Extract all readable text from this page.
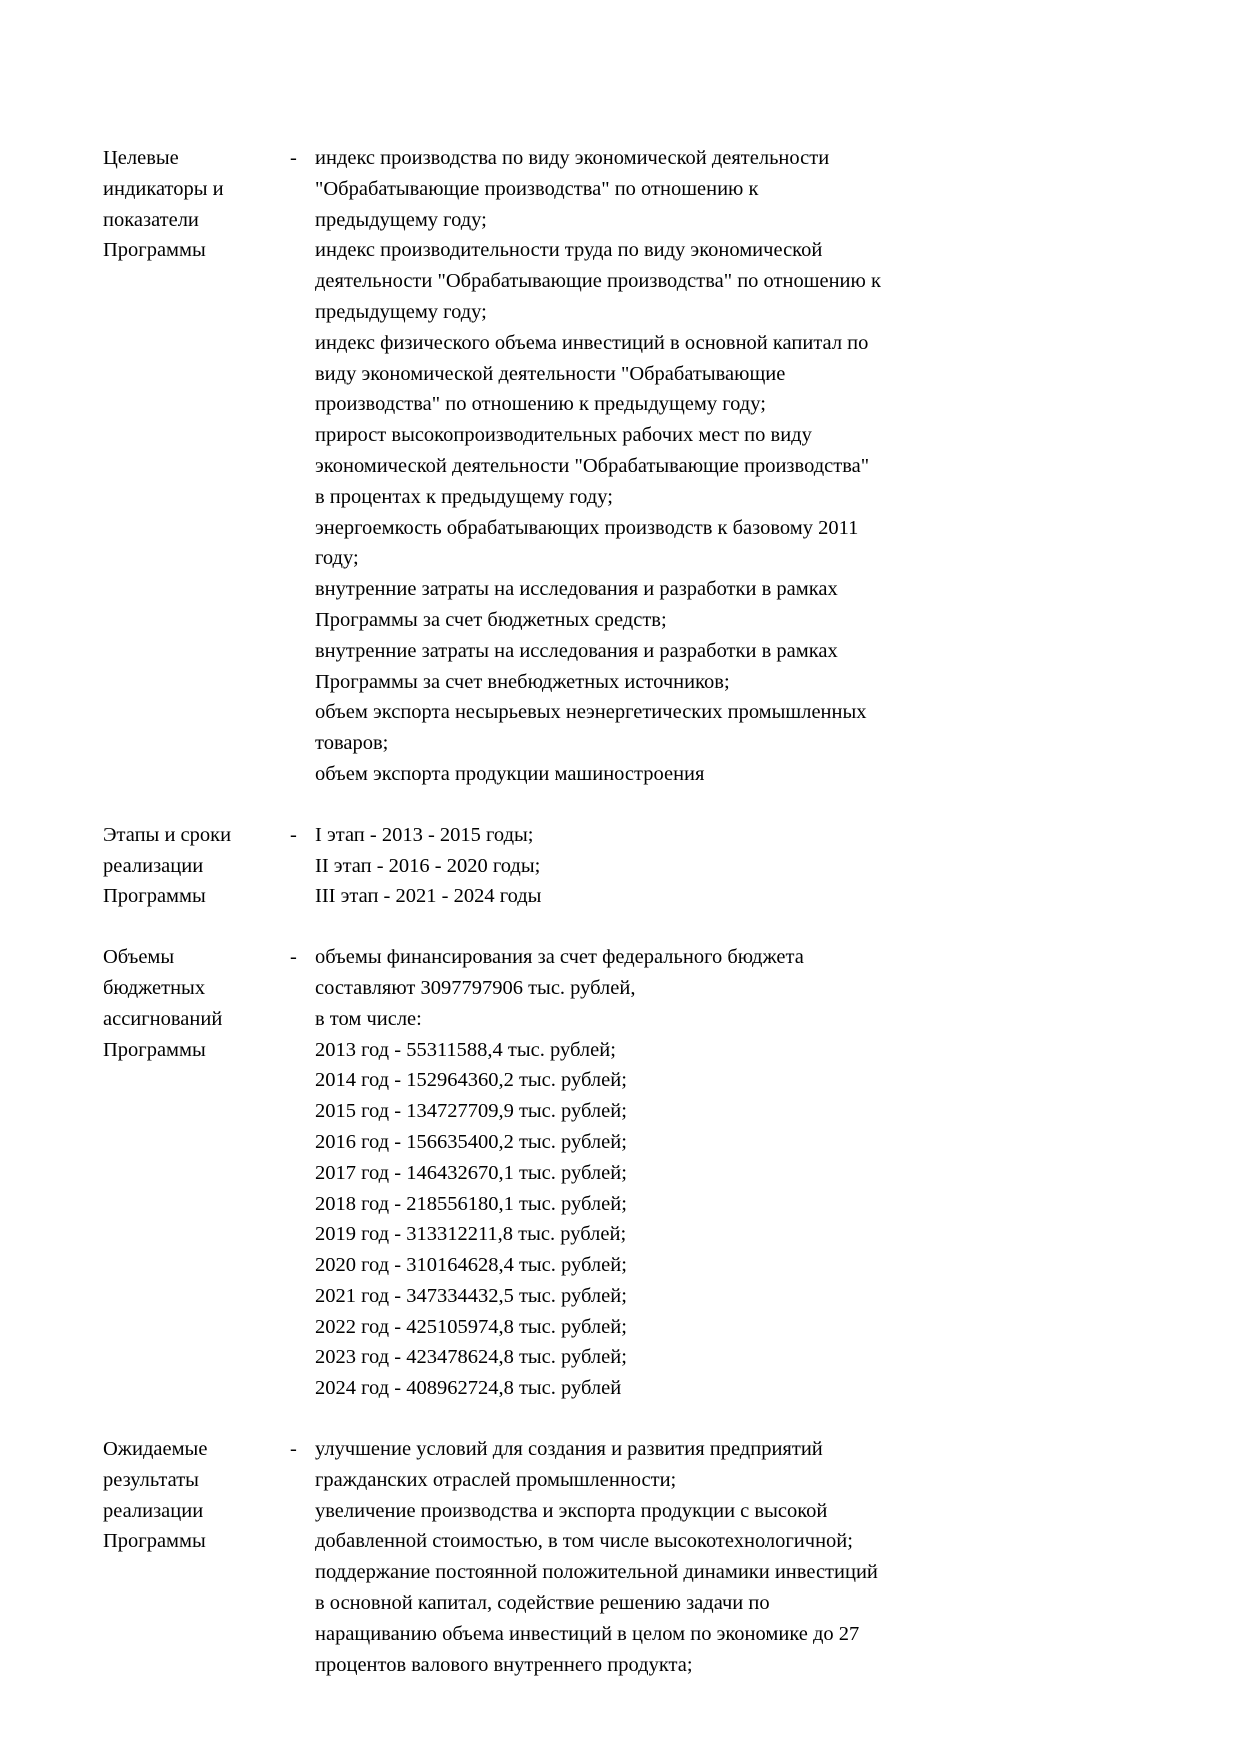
Целевые
индикаторы и
показатели
Программы
- индекс производства по виду экономической деятельности
"Обрабатывающие производства" по отношению к
предыдущему году;
индекс производительности труда по виду экономической
деятельности "Обрабатывающие производства" по отношению к
предыдущему году;
индекс физического объема инвестиций в основной капитал по
виду экономической деятельности "Обрабатывающие
производства" по отношению к предыдущему году;
прирост высокопроизводительных рабочих мест по виду
экономической деятельности "Обрабатывающие производства"
в процентах к предыдущему году;
энергоемкость обрабатывающих производств к базовому 2011
году;
внутренние затраты на исследования и разработки в рамках
Программы за счет бюджетных средств;
внутренние затраты на исследования и разработки в рамках
Программы за счет внебюджетных источников;
объем экспорта несырьевых неэнергетических промышленных
товаров;
объем экспорта продукции машиностроения
Этапы и сроки
реализации
Программы
- I этап - 2013 - 2015 годы;
II этап - 2016 - 2020 годы;
III этап - 2021 - 2024 годы
Объемы
бюджетных
ассигнований
Программы
- объемы финансирования за счет федерального бюджета
составляют 3097797906 тыс. рублей,
в том числе:
2013 год - 55311588,4 тыс. рублей;
2014 год - 152964360,2 тыс. рублей;
2015 год - 134727709,9 тыс. рублей;
2016 год - 156635400,2 тыс. рублей;
2017 год - 146432670,1 тыс. рублей;
2018 год - 218556180,1 тыс. рублей;
2019 год - 313312211,8 тыс. рублей;
2020 год - 310164628,4 тыс. рублей;
2021 год - 347334432,5 тыс. рублей;
2022 год - 425105974,8 тыс. рублей;
2023 год - 423478624,8 тыс. рублей;
2024 год - 408962724,8 тыс. рублей
Ожидаемые
результаты
реализации
Программы
- улучшение условий для создания и развития предприятий
гражданских отраслей промышленности;
увеличение производства и экспорта продукции с высокой
добавленной стоимостью, в том числе высокотехнологичной;
поддержание постоянной положительной динамики инвестиций
в основной капитал, содействие решению задачи по
наращиванию объема инвестиций в целом по экономике до 27
процентов валового внутреннего продукта;
